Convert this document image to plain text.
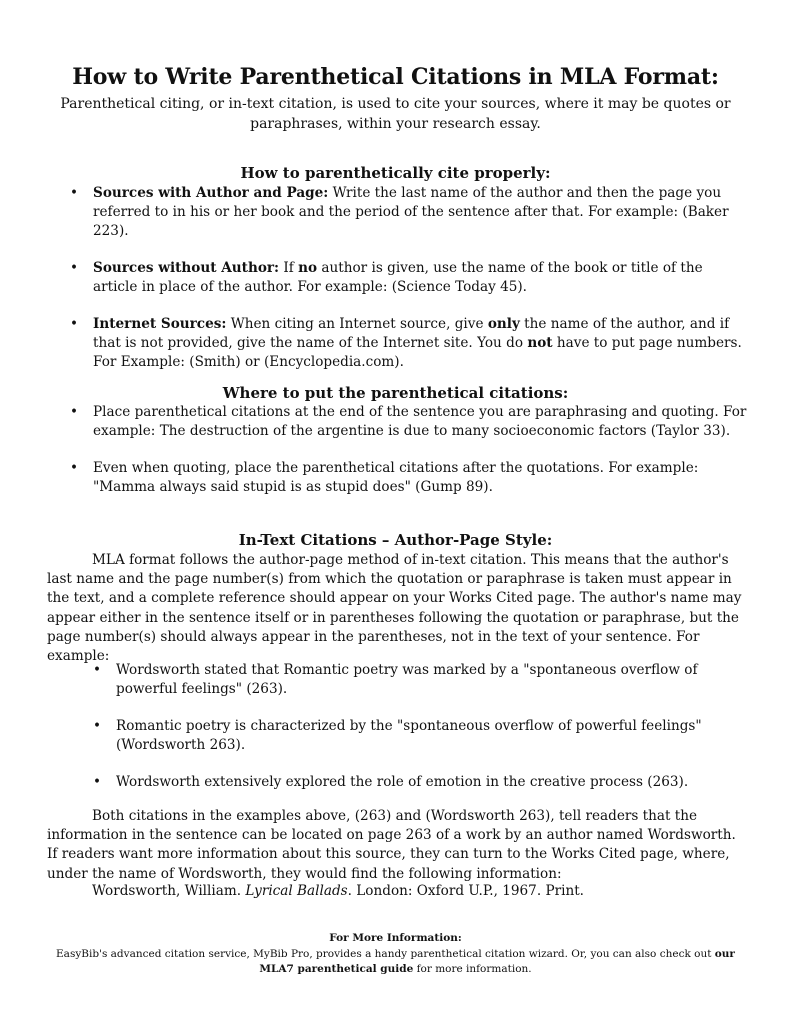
How to Write Parenthetical Citations in MLA Format:

Parenthetical citing, or in-text citation, is used to cite your sources, where it may be quotes or paraphrases, within your research essay.

How to parenthetically cite properly:
• Sources with Author and Page: Write the last name of the author and then the page you referred to in his or her book and the period of the sentence after that. For example: (Baker 223).
• Sources without Author: If no author is given, use the name of the book or title of the article in place of the author. For example: (Science Today 45).
• Internet Sources: When citing an Internet source, give only the name of the author, and if that is not provided, give the name of the Internet site. You do not have to put page numbers. For Example: (Smith) or (Encyclopedia.com).
Where to put the parenthetical citations:
• Place parenthetical citations at the end of the sentence you are paraphrasing and quoting. For example: The destruction of the argentine is due to many socioeconomic factors (Taylor 33).
• Even when quoting, place the parenthetical citations after the quotations. For example: "Mamma always said stupid is as stupid does" (Gump 89).
In-Text Citations – Author-Page Style:

MLA format follows the author-page method of in-text citation. This means that the author's last name and the page number(s) from which the quotation or paraphrase is taken must appear in the text, and a complete reference should appear on your Works Cited page. The author's name may appear either in the sentence itself or in parentheses following the quotation or paraphrase, but the page number(s) should always appear in the parentheses, not in the text of your sentence. For example:

• Wordsworth stated that Romantic poetry was marked by a "spontaneous overflow of powerful feelings" (263).
• Romantic poetry is characterized by the "spontaneous overflow of powerful feelings" (Wordsworth 263).
• Wordsworth extensively explored the role of emotion in the creative process (263).

Both citations in the examples above, (263) and (Wordsworth 263), tell readers that the information in the sentence can be located on page 263 of a work by an author named Wordsworth. If readers want more information about this source, they can turn to the Works Cited page, where, under the name of Wordsworth, they would find the following information:

Wordsworth, William. Lyrical Ballads. London: Oxford U.P., 1967. Print.

For More Information:

EasyBib's advanced citation service, MyBib Pro, provides a handy parenthetical citation wizard. Or, you can also check out our MLA7 parenthetical guide for more information.
